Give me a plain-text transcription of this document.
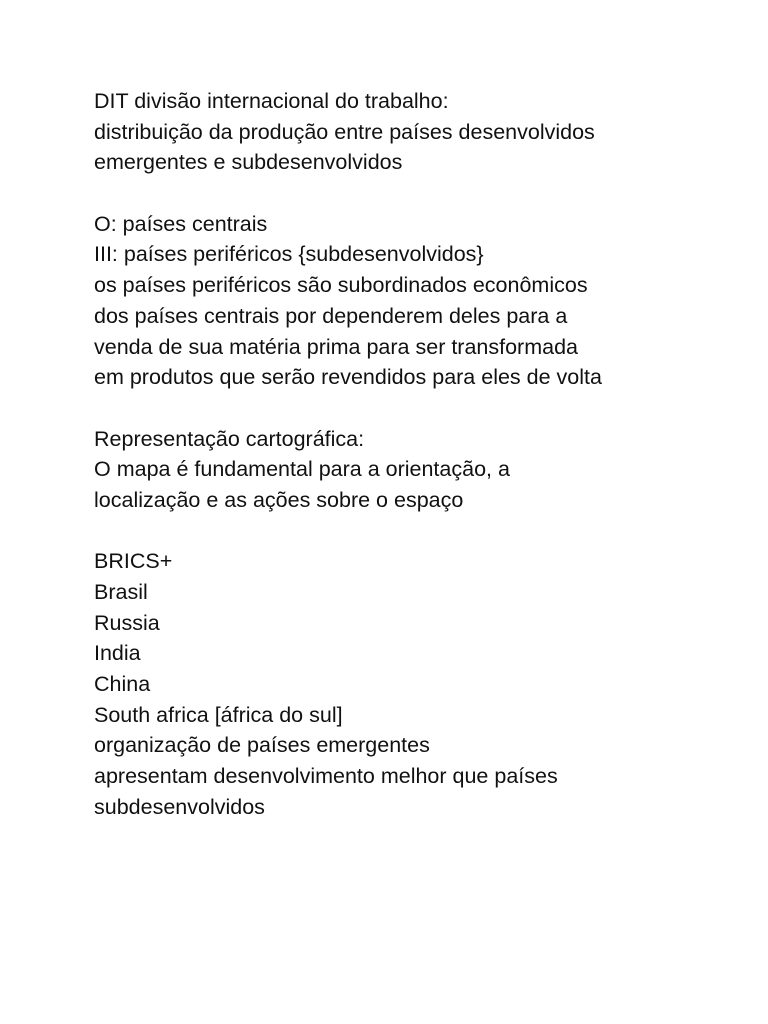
DIT divisão internacional do trabalho:
distribuição da produção entre países desenvolvidos
emergentes e subdesenvolvidos
O: países centrais
III: países periféricos {subdesenvolvidos}
os países periféricos são subordinados econômicos
dos países centrais por dependerem deles para a
venda de sua matéria prima para ser transformada
em produtos que serão revendidos para eles de volta
Representação cartográfica:
O mapa é fundamental para a orientação, a
localização e as ações sobre o espaço
BRICS+
Brasil
Russia
India
China
South africa [áfrica do sul]
organização de países emergentes
apresentam desenvolvimento melhor que países
subdesenvolvidos
